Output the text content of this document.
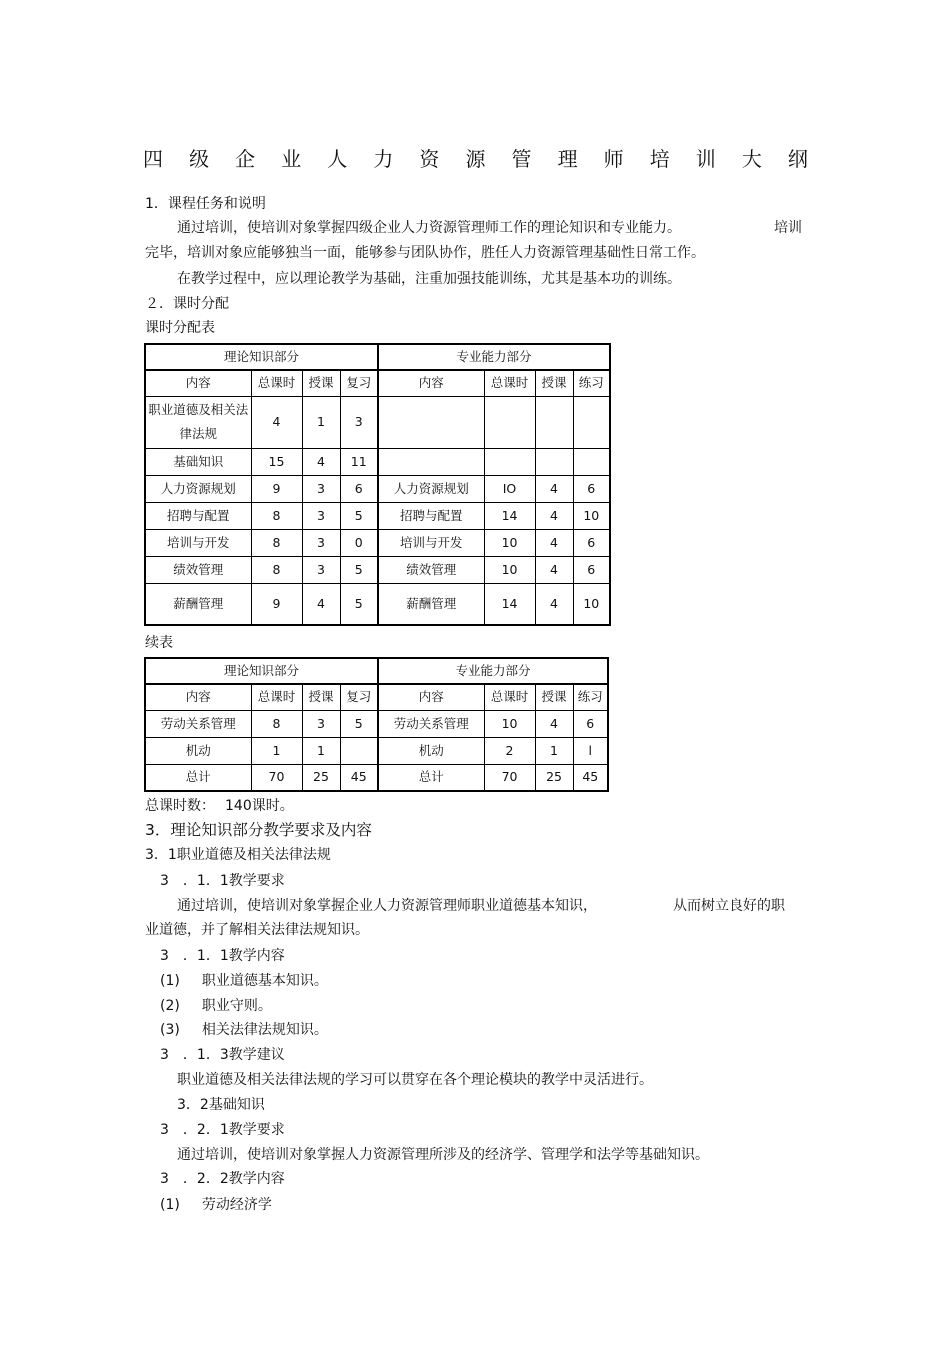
四 级 企 业 人 力 资 源 管 理 师 培 训 大 纲
1．课程任务和说明
通过培训，使培训对象掌握四级企业人力资源管理师工作的理论知识和专业能力。	培训
完毕，培训对象应能够独当一面，能够参与团队协作，胜任人力资源管理基础性日常工作。
在教学过程中，应以理论教学为基础，注重加强技能训练，尤其是基本功的训练。
２．课时分配
课时分配表
理论知识部分				专业能力部分			
内容	总课时	授课	复习	内容	总课时	授课	练习
职业道德及相关法律法规	4	1	3				
基础知识	15	4	11				
人力资源规划	9	3	6	人力资源规划	IO	4	6
招聘与配置	8	3	5	招聘与配置	14	4	10
培训与开发	8	3	0	培训与开发	10	4	6
绩效管理	8	3	5	绩效管理	10	4	6
薪酬管理	9	4	5	薪酬管理	14	4	10
续表
理论知识部分				专业能力部分			
内容	总课时	授课	复习	内容	总课时	授课	练习
劳动关系管理	8	3	5	劳动关系管理	10	4	6
机动	1	1		机动	2	1	l
总计	70	25	45	总计	70	25	45
总课时数： 140课时。
3．理论知识部分教学要求及内容
3．1职业道德及相关法律法规
3　．1．1教学要求
通过培训，使培训对象掌握企业人力资源管理师职业道德基本知识，	从而树立良好的职
业道德，并了解相关法律法规知识。
3　．1．1教学内容
(1) 职业道德基本知识。
(2) 职业守则。
(3) 相关法律法规知识。
3　．1．3教学建议
职业道德及相关法律法规的学习可以贯穿在各个理论模块的教学中灵活进行。
3．2基础知识
3　．2．1教学要求
通过培训，使培训对象掌握人力资源管理所涉及的经济学、管理学和法学等基础知识。
3　．2．2教学内容
(1) 劳动经济学
